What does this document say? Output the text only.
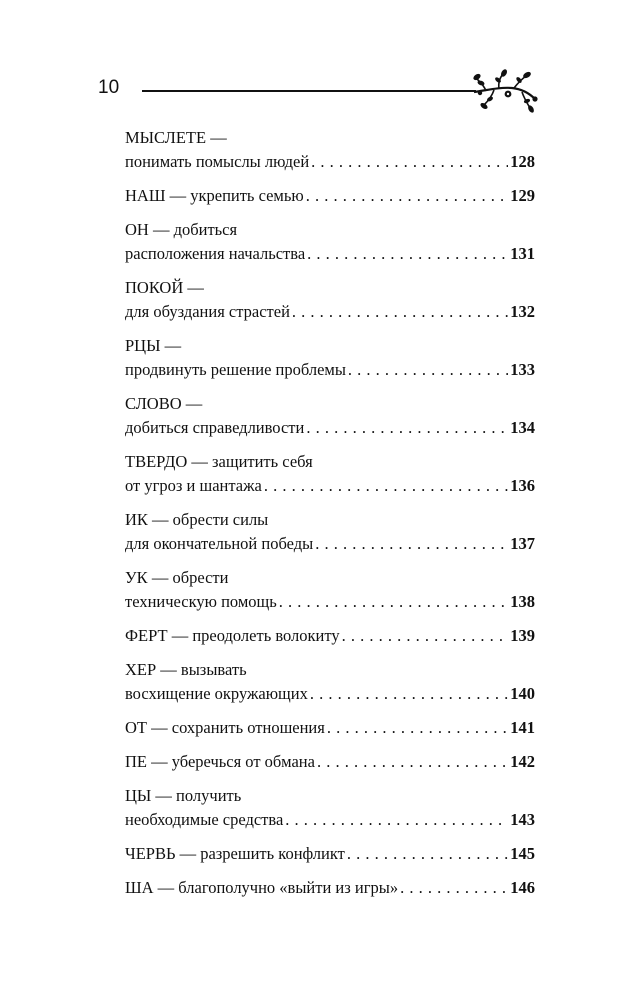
10
МЫСЛЕТЕ —
понимать помыслы людей . . .	128
НАШ — укрепить семью . . .	129
ОН — добиться
расположения начальства . . .	131
ПОКОЙ —
для обуздания страстей . . .	132
РЦЫ —
продвинуть решение проблемы . . .	133
СЛОВО —
добиться справедливости . . .	134
ТВЕРДО — защитить себя
от угроз и шантажа . . .	136
ИК — обрести силы
для окончательной победы . . .	137
УК — обрести
техническую помощь . . .	138
ФЕРТ — преодолеть волокиту . . .	139
ХЕР — вызывать
восхищение окружающих . . .	140
ОТ — сохранить отношения . . .	141
ПЕ — уберечься от обмана . . .	142
ЦЫ — получить
необходимые средства . . .	143
ЧЕРВЬ — разрешить конфликт . . .	145
ША — благополучно «выйти из игры» . . .	146
